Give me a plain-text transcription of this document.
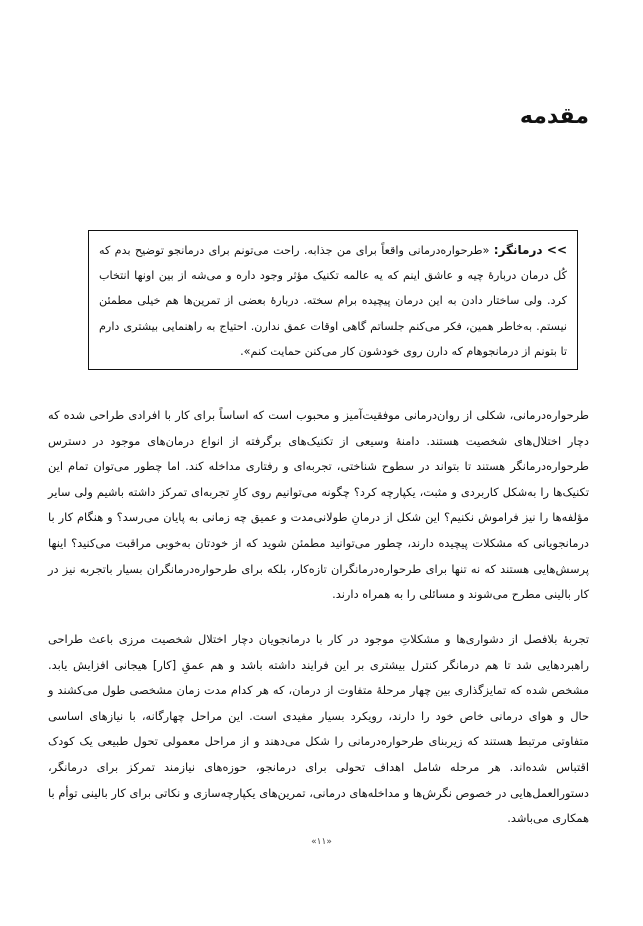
مقدمه
>> درمانگر: «طرحواره‌درمانی واقعاً برای من جذابه. راحت می‌تونم برای درمانجو توضیح بدم که کُل درمان دربارهٔ چیه و عاشق اینم که یه عالمه تکنیک مؤثر وجود داره و می‌شه از بین اونها انتخاب کرد. ولی ساختار دادن به این درمان پیچیده برام سخته. دربارهٔ بعضی از تمرین‌ها هم خیلی مطمئن نیستم. به‌خاطر همین، فکر می‌کنم جلساتم گاهی اوقات عمق ندارن. احتیاج به راهنمایی بیشتری دارم تا بتونم از درمانجوهام که دارن روی خودشون کار می‌کنن حمایت کنم».

طرحواره‌درمانی، شکلی از روان‌درمانی موفقیت‌آمیز و محبوب است که اساساً برای کار با افرادی طراحی شده که دچار اختلال‌های شخصیت هستند. دامنهٔ وسیعی از تکنیک‌های برگرفته از انواع درمان‌های موجود در دسترس طرحواره‌درمانگر هستند تا بتواند در سطوح شناختی، تجربه‌ای و رفتاری مداخله کند. اما چطور می‌توان تمام این تکنیک‌ها را به‌شکل کاربردی و مثبت، یکپارچه کرد؟ چگونه می‌توانیم روی کارِ تجربه‌ای تمرکز داشته باشیم ولی سایر مؤلفه‌ها را نیز فراموش نکنیم؟ این شکل از درمانِ طولانی‌مدت و عمیق چه زمانی به پایان می‌رسد؟ و هنگام کار با درمانجویانی که مشکلات پیچیده دارند، چطور می‌توانید مطمئن شوید که از خودتان به‌خوبی مراقبت می‌کنید؟ اینها پرسش‌هایی هستند که نه تنها برای طرحواره‌درمانگران تازه‌کار، بلکه برای طرحواره‌درمانگران بسیار باتجربه نیز در کار بالینی مطرح می‌شوند و مسائلی را به همراه دارند.

تجربهٔ بلافصل از دشواری‌ها و مشکلاتِ موجود در کار با درمانجویان دچار اختلال شخصیت مرزی باعث طراحی راهبردهایی شد تا هم درمانگر کنترل بیشتری بر این فرایند داشته باشد و هم عمقِ [کار] هیجانی افزایش یابد. مشخص شده که تمایزگذاری بین چهار مرحلهٔ متفاوت از درمان، که هر کدام مدت زمان مشخصی طول می‌کشند و حال و هوای درمانی خاص خود را دارند، رویکرد بسیار مفیدی است. این مراحل چهارگانه، با نیازهای اساسی متفاوتی مرتبط هستند که زیربنای طرحواره‌درمانی را شکل می‌دهند و از مراحل معمولی تحول طبیعی یک کودک اقتباس شده‌اند. هر مرحله شامل اهداف تحولی برای درمانجو، حوزه‌های نیازمند تمرکز برای درمانگر، دستورالعمل‌هایی در خصوص نگرش‌ها و مداخله‌های درمانی، تمرین‌های یکپارچه‌سازی و نکاتی برای کار بالینی توأم با همکاری می‌باشد.

«۱۱»
